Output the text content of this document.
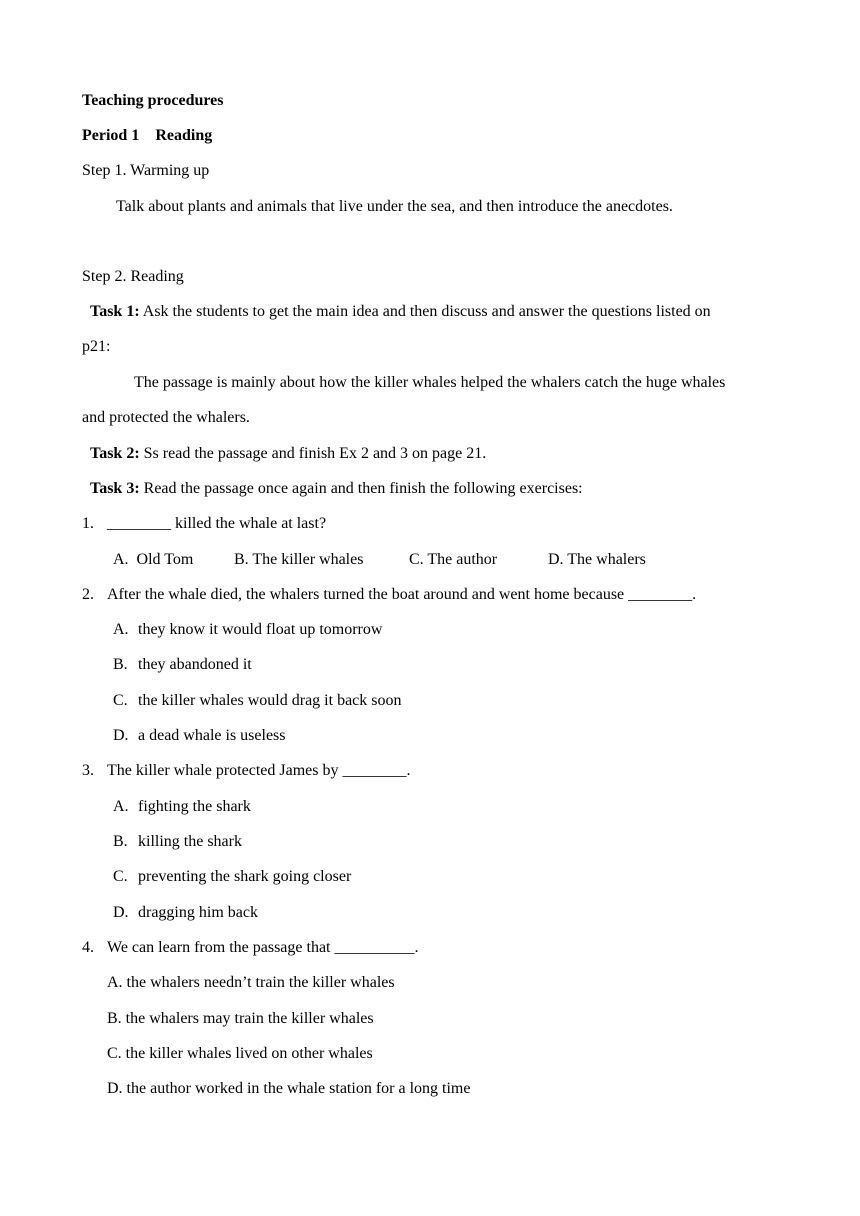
Teaching procedures
Period 1    Reading
Step 1. Warming up
Talk about plants and animals that live under the sea, and then introduce the anecdotes.
Step 2. Reading
Task 1: Ask the students to get the main idea and then discuss and answer the questions listed on
p21:
The passage is mainly about how the killer whales helped the whalers catch the huge whales
and protected the whalers.
Task 2: Ss read the passage and finish Ex 2 and 3 on page 21.
Task 3: Read the passage once again and then finish the following exercises:
1. ________ killed the whale at last?
A.  Old Tom	B. The killer whales	C. The author	D. The whalers
2. After the whale died, the whalers turned the boat around and went home because ________.
A. they know it would float up tomorrow
B. they abandoned it
C. the killer whales would drag it back soon
D. a dead whale is useless
3. The killer whale protected James by ________.
A. fighting the shark
B. killing the shark
C. preventing the shark going closer
D. dragging him back
4. We can learn from the passage that __________.
A. the whalers needn’t train the killer whales
B. the whalers may train the killer whales
C. the killer whales lived on other whales
D. the author worked in the whale station for a long time
